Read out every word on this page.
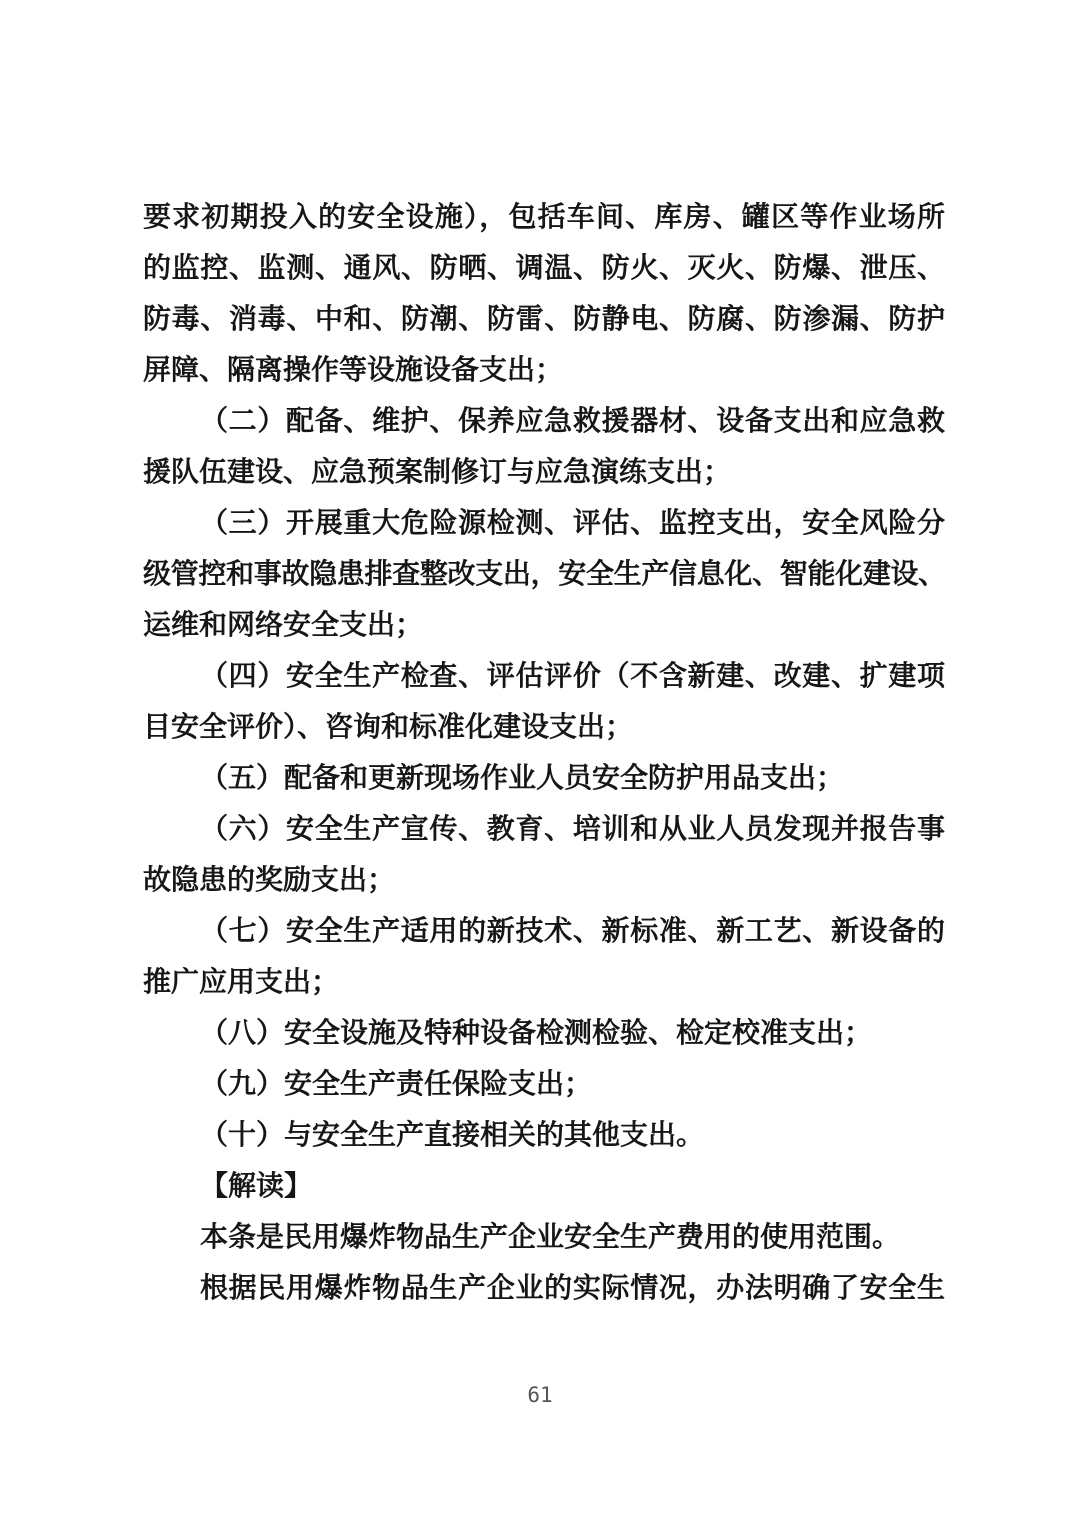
要求初期投入的安全设施），包括车间、库房、罐区等作业场所
的监控、监测、通风、防晒、调温、防火、灭火、防爆、泄压、
防毒、消毒、中和、防潮、防雷、防静电、防腐、防渗漏、防护
屏障、隔离操作等设施设备支出；
（二）配备、维护、保养应急救援器材、设备支出和应急救
援队伍建设、应急预案制修订与应急演练支出；
（三）开展重大危险源检测、评估、监控支出，安全风险分
级管控和事故隐患排查整改支出，安全生产信息化、智能化建设、
运维和网络安全支出；
（四）安全生产检查、评估评价（不含新建、改建、扩建项
目安全评价）、咨询和标准化建设支出；
（五）配备和更新现场作业人员安全防护用品支出；
（六）安全生产宣传、教育、培训和从业人员发现并报告事
故隐患的奖励支出；
（七）安全生产适用的新技术、新标准、新工艺、新设备的
推广应用支出；
（八）安全设施及特种设备检测检验、检定校准支出；
（九）安全生产责任保险支出；
（十）与安全生产直接相关的其他支出。
【解读】
本条是民用爆炸物品生产企业安全生产费用的使用范围。
根据民用爆炸物品生产企业的实际情况，办法明确了安全生
61
